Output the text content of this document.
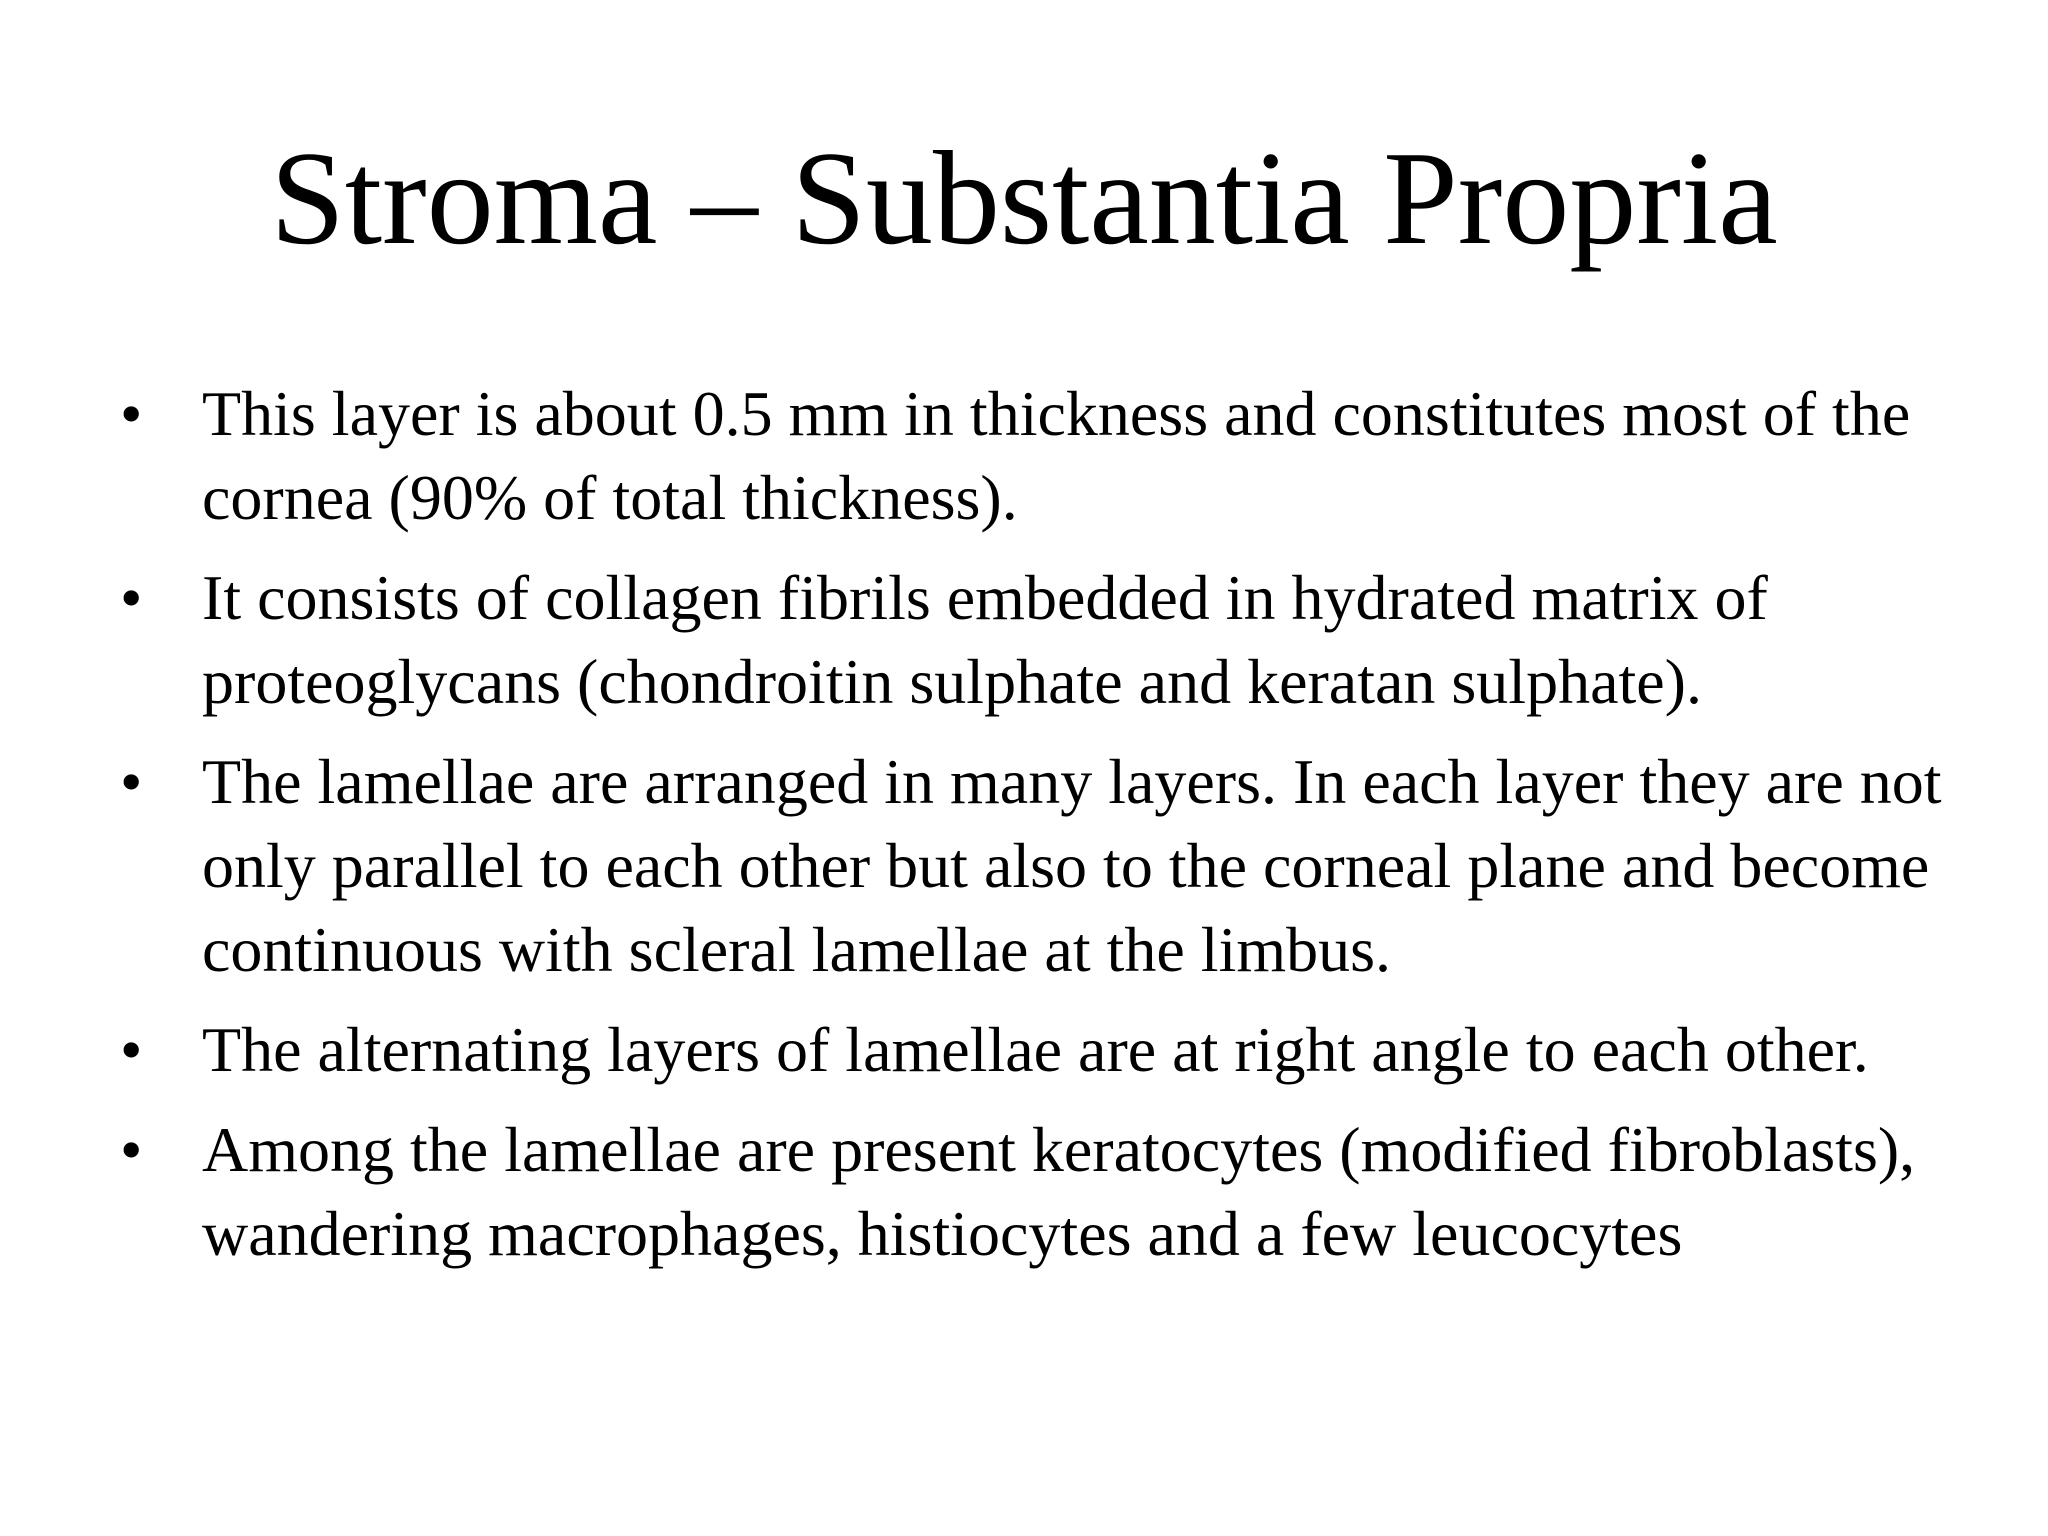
Stroma – Substantia Propria
• This layer is about 0.5 mm in thickness and constitutes most of the cornea (90% of total thickness).
• It consists of collagen fibrils embedded in hydrated matrix of proteoglycans (chondroitin sulphate and keratan sulphate).
• The lamellae are arranged in many layers. In each layer they are not only parallel to each other but also to the corneal plane and become continuous with scleral lamellae at the limbus.
• The alternating layers of lamellae are at right angle to each other.
• Among the lamellae are present keratocytes (modified fibroblasts), wandering macrophages, histiocytes and a few leucocytes
